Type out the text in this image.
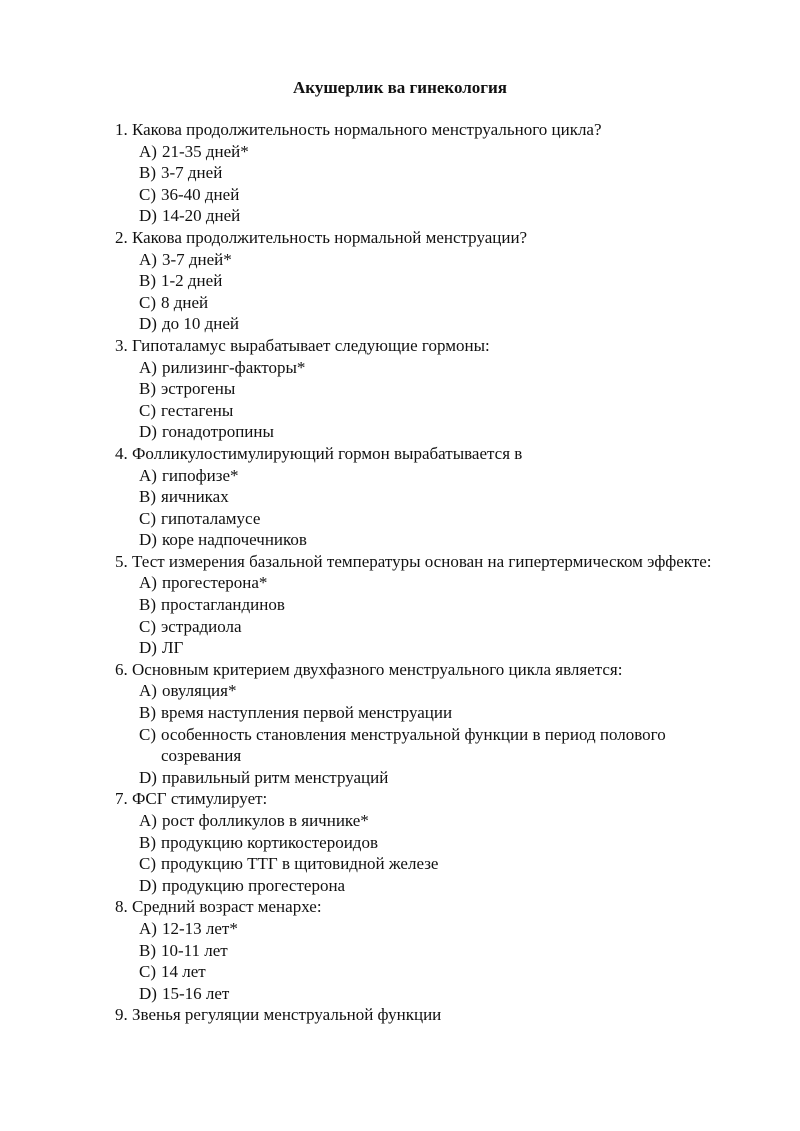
Акушерлик ва гинекология
1. Какова продолжительность нормального менструального цикла?
A) 21-35 дней*
B) 3-7 дней
C) 36-40 дней
D) 14-20 дней
2. Какова продолжительность нормальной менструации?
A) 3-7 дней*
B) 1-2 дней
C) 8 дней
D) до 10 дней
3. Гипоталамус вырабатывает следующие гормоны:
A) рилизинг-факторы*
B) эстрогены
C) гестагены
D) гонадотропины
4. Фолликулостимулирующий гормон вырабатывается в
A) гипофизе*
B) яичниках
C) гипоталамусе
D) коре надпочечников
5. Тест измерения базальной температуры основан на гипертермическом эффекте:
A) прогестерона*
B) простагландинов
C) эстрадиола
D) ЛГ
6. Основным критерием двухфазного менструального цикла является:
A) овуляция*
B) время наступления первой менструации
C) особенность становления менструальной функции в период полового созревания
D) правильный ритм менструаций
7. ФСГ стимулирует:
A) рост фолликулов в яичнике*
B) продукцию кортикостероидов
C) продукцию ТТГ в щитовидной железе
D) продукцию прогестерона
8. Средний возраст менархе:
A) 12-13 лет*
B) 10-11 лет
C) 14 лет
D) 15-16 лет
9. Звенья регуляции менструальной функции
